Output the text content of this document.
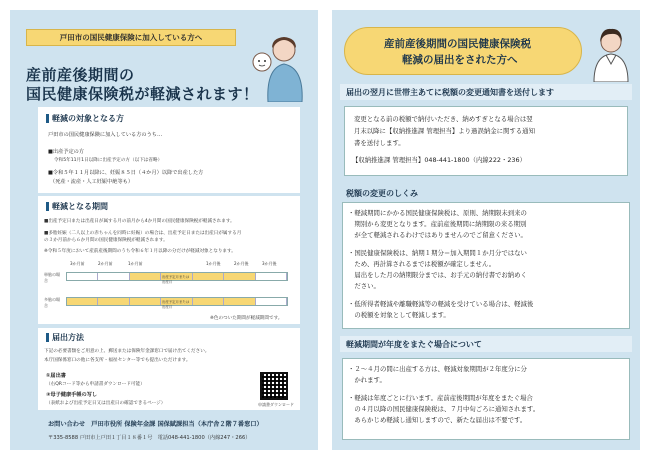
戸田市の国民健康保険に加入している方へ
産前産後期間の
国民健康保険税が軽減されます！
軽減の対象となる方
戸田市の国民健康保険に加入している方のうち…
■出産予定の方
令和5年11月1日以降に出産予定の方（以下は省略）
■令和５年１１月以降に、妊娠８５日（４か月）以降で出産した方
（死産・流産・人工妊娠中絶等も）
軽減となる期間
■出産予定日または出産日が属する月の前月から4か月間の国民健康保険税が軽減されます。
■多胎妊娠（二人以上の赤ちゃんを同時に妊娠）の場合は、出産予定日または出産日が属する月
の３か月前から６か月間の国民健康保険税が軽減されます。
※令和５年度において産前産後期間のうち令和６年１月以降の分だけが軽減対象となります。
3か月前	2か月前	1か月前	1か月後	2か月後	3か月後
単胎の場合
出産予定月または出産月
多胎の場合
出産予定月または出産月
※色のついた期間が軽減期間です。
届出方法
下記の必要書類をご用意の上、郵送または保険年金課窓口で届け出てください。
本庁国保係窓口の他に各支所・福祉センター等でも提出いただけます。
①届出書
（右QRコード等から申請書ダウンロード可能）
②母子健康手帳の写し
（表紙および出産予定日又は出産日の確認できるページ）	申請書ダウンロード
お問い合わせ　戸田市役所 保険年金課 国保賦課担当（本庁舎２階７番窓口）
〒335-8588 戸田市上戸田１丁目１８番１号　電話048-441-1800（内線247・266）
産前産後期間の国民健康保険税
軽減の届出をされた方へ
届出の翌月に世帯主あてに税額の変更通知書を送付します
変更となる前の税額で納付いただき、納めすぎとなる場合は翌
月末以降に【収納推進課 管理担当】より過誤納金に関する通知
書を送付します。
【収納推進課 管理担当】048-441-1800（内線222・236）
税額の変更のしくみ
・軽減期間にかかる国民健康保険税は、原則、納期限未到来の
　期別から変更となります。産前産後期間に納期限の来る期別
　が全て軽減されるわけではありませんのでご留意ください。
・国民健康保険税は、納期１期分＝加入期間１か月分ではない
　ため、再計算されるまでは税額が確定しません。
　届出をした月の納期限分までは、お手元の納付書でお納めく
　ださい。
・低所得者軽減や離職軽減等の軽減を受けている場合は、軽減後
　の税額を対象として軽減します。
軽減期間が年度をまたぐ場合について
・２～４月の間に出産する方は、軽減対象期間が２年度分に分
　かれます。
・軽減は年度ごとに行います。産前産後期間が年度をまたぐ場合
　の４月以降の国民健康保険税は、７月中旬ごろに通知されます。
　あらかじめ軽減し通知しますので、新たな届出は不要です。
